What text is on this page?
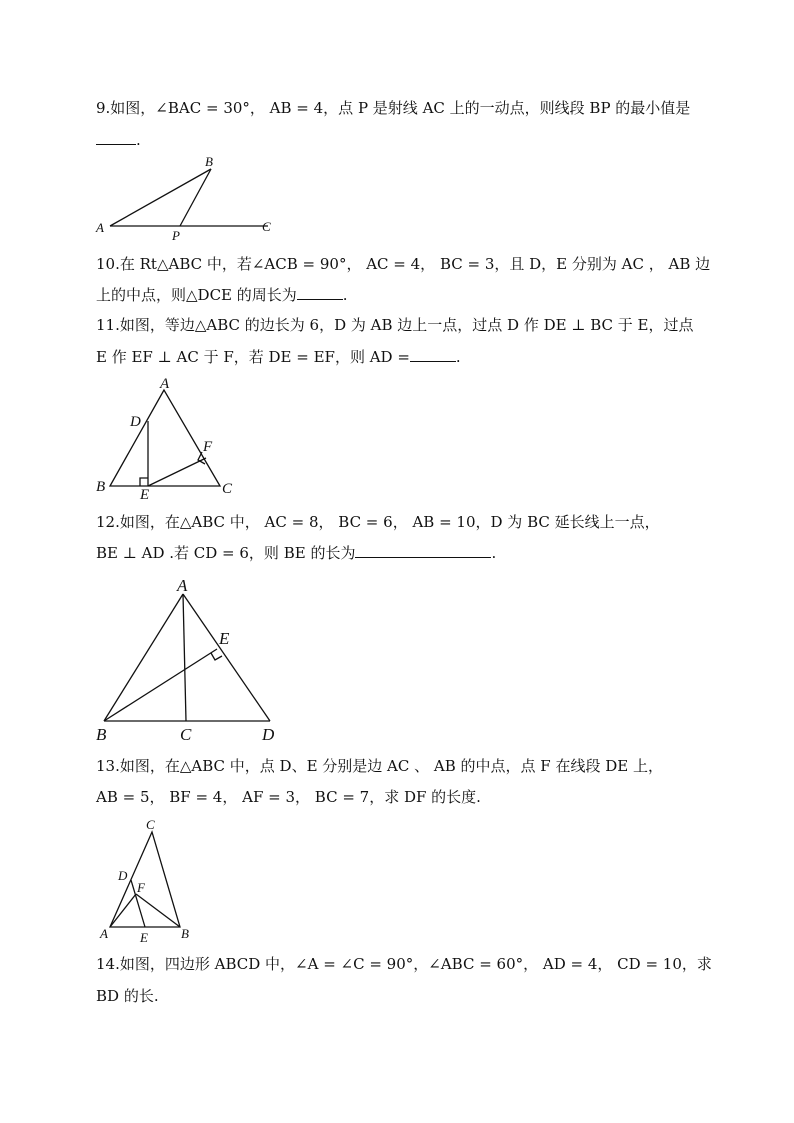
9.如图，∠BAC = 30°， AB = 4，点 P 是射线 AC 上的一动点，则线段 BP 的最小值是
.
A
B
C
P
10.在 Rt△ABC 中，若∠ACB = 90°， AC = 4， BC = 3，且 D，E 分别为 AC ， AB 边
上的中点，则△DCE 的周长为	.
11.如图，等边△ABC 的边长为 6，D 为 AB 边上一点，过点 D 作 DE ⊥ BC 于 E，过点
E 作 EF ⊥ AC 于 F，若 DE = EF，则 AD =	.
A
B	C
D
E
F
12.如图，在△ABC 中， AC = 8， BC = 6， AB = 10，D 为 BC 延长线上一点，
BE ⊥ AD .若 CD = 6，则 BE 的长为	.
A
B	C	D
E
13.如图，在△ABC 中，点 D、E 分别是边 AC 、 AB 的中点，点 F 在线段 DE 上，
AB = 5， BF = 4， AF = 3， BC = 7，求 DF 的长度.
C
D
F
A E	B
14.如图，四边形 ABCD 中，∠A = ∠C = 90°，∠ABC = 60°， AD = 4， CD = 10，求
BD 的长.
